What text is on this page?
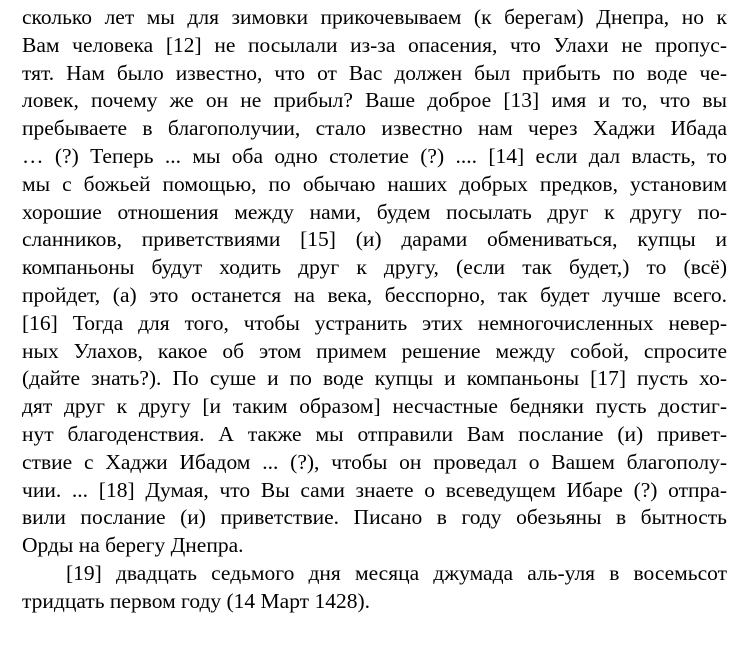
сколько лет мы для зимовки прикочевываем (к берегам) Днепра, но к
Вам человека [12] не посылали из-за опасения, что Улахи не пропус-
тят. Нам было известно, что от Вас должен был прибыть по воде че-
ловек, почему же он не прибыл? Ваше доброе [13] имя и то, что вы
пребываете в благополучии, стало известно нам через Хаджи Ибада
… (?) Теперь ... мы оба одно столетие (?) .... [14] если дал власть, то
мы с божьей помощью, по обычаю наших добрых предков, установим
хорошие отношения между нами, будем посылать друг к другу по-
сланников, приветствиями [15] (и) дарами обмениваться, купцы и
компаньоны будут ходить друг к другу, (если так будет,) то (всё)
пройдет, (а) это останется на века, бесспорно, так будет лучше всего.
[16] Тогда для того, чтобы устранить этих немногочисленных невер-
ных Улахов, какое об этом примем решение между собой, спросите
(дайте знать?). По суше и по воде купцы и компаньоны [17] пусть хо-
дят друг к другу [и таким образом] несчастные бедняки пусть достиг-
нут благоденствия. А также мы отправили Вам послание (и) привет-
ствие с Хаджи Ибадом ... (?), чтобы он проведал о Вашем благополу-
чии. ... [18] Думая, что Вы сами знаете о всеведущем Ибаре (?) отпра-
вили послание (и) приветствие. Писано в году обезьяны в бытность
Орды на берегу Днепра.
[19] двадцать седьмого дня месяца джумада аль-уля в восемьсот
тридцать первом году (14 Март 1428).
